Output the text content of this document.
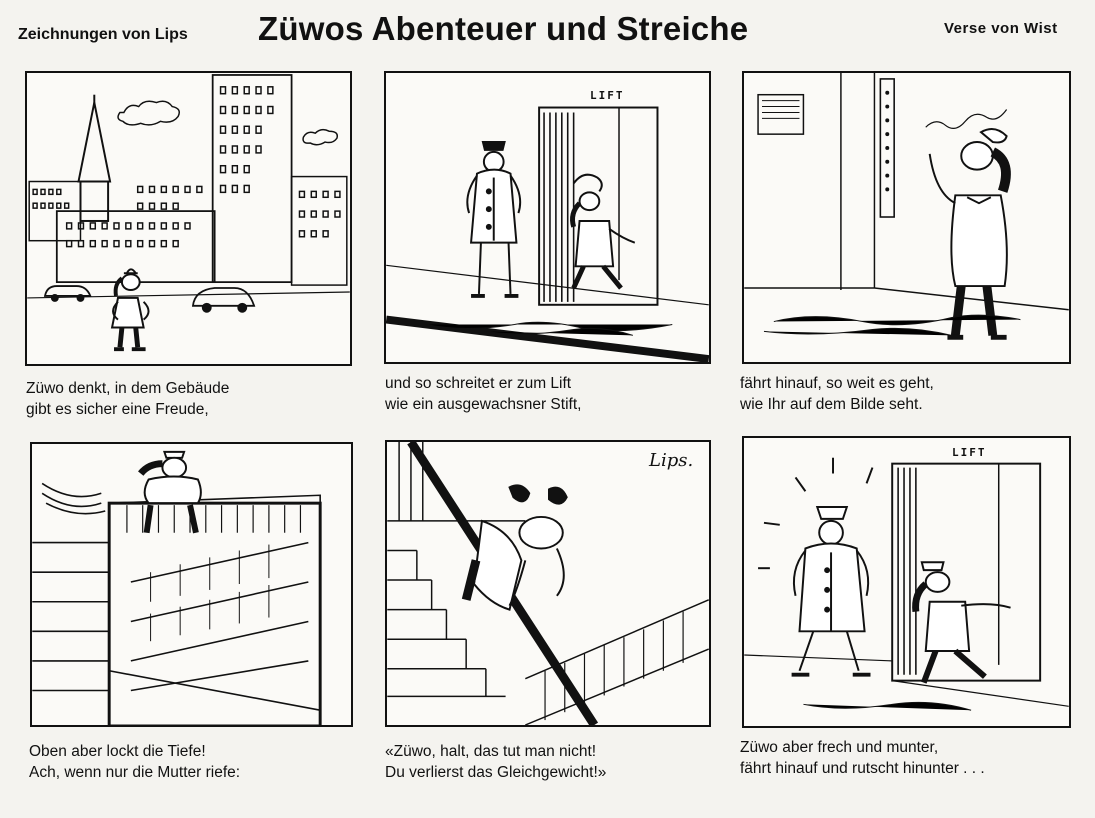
Zeichnungen von Lips Züwos Abenteuer und Streiche	Verse von Wist
Züwo denkt, in dem Gebäude
gibt es sicher eine Freude,
LIFT
und so schreitet er zum Lift
wie ein ausgewachsner Stift,
fährt hinauf, so weit es geht,
wie Ihr auf dem Bilde seht.
Oben aber lockt die Tiefe!
Ach, wenn nur die Mutter riefe:
Lips.
«Züwo, halt, das tut man nicht!
Du verlierst das Gleichgewicht!»
LIFT
Züwo aber frech und munter,
fährt hinauf und rutscht hinunter . . .
